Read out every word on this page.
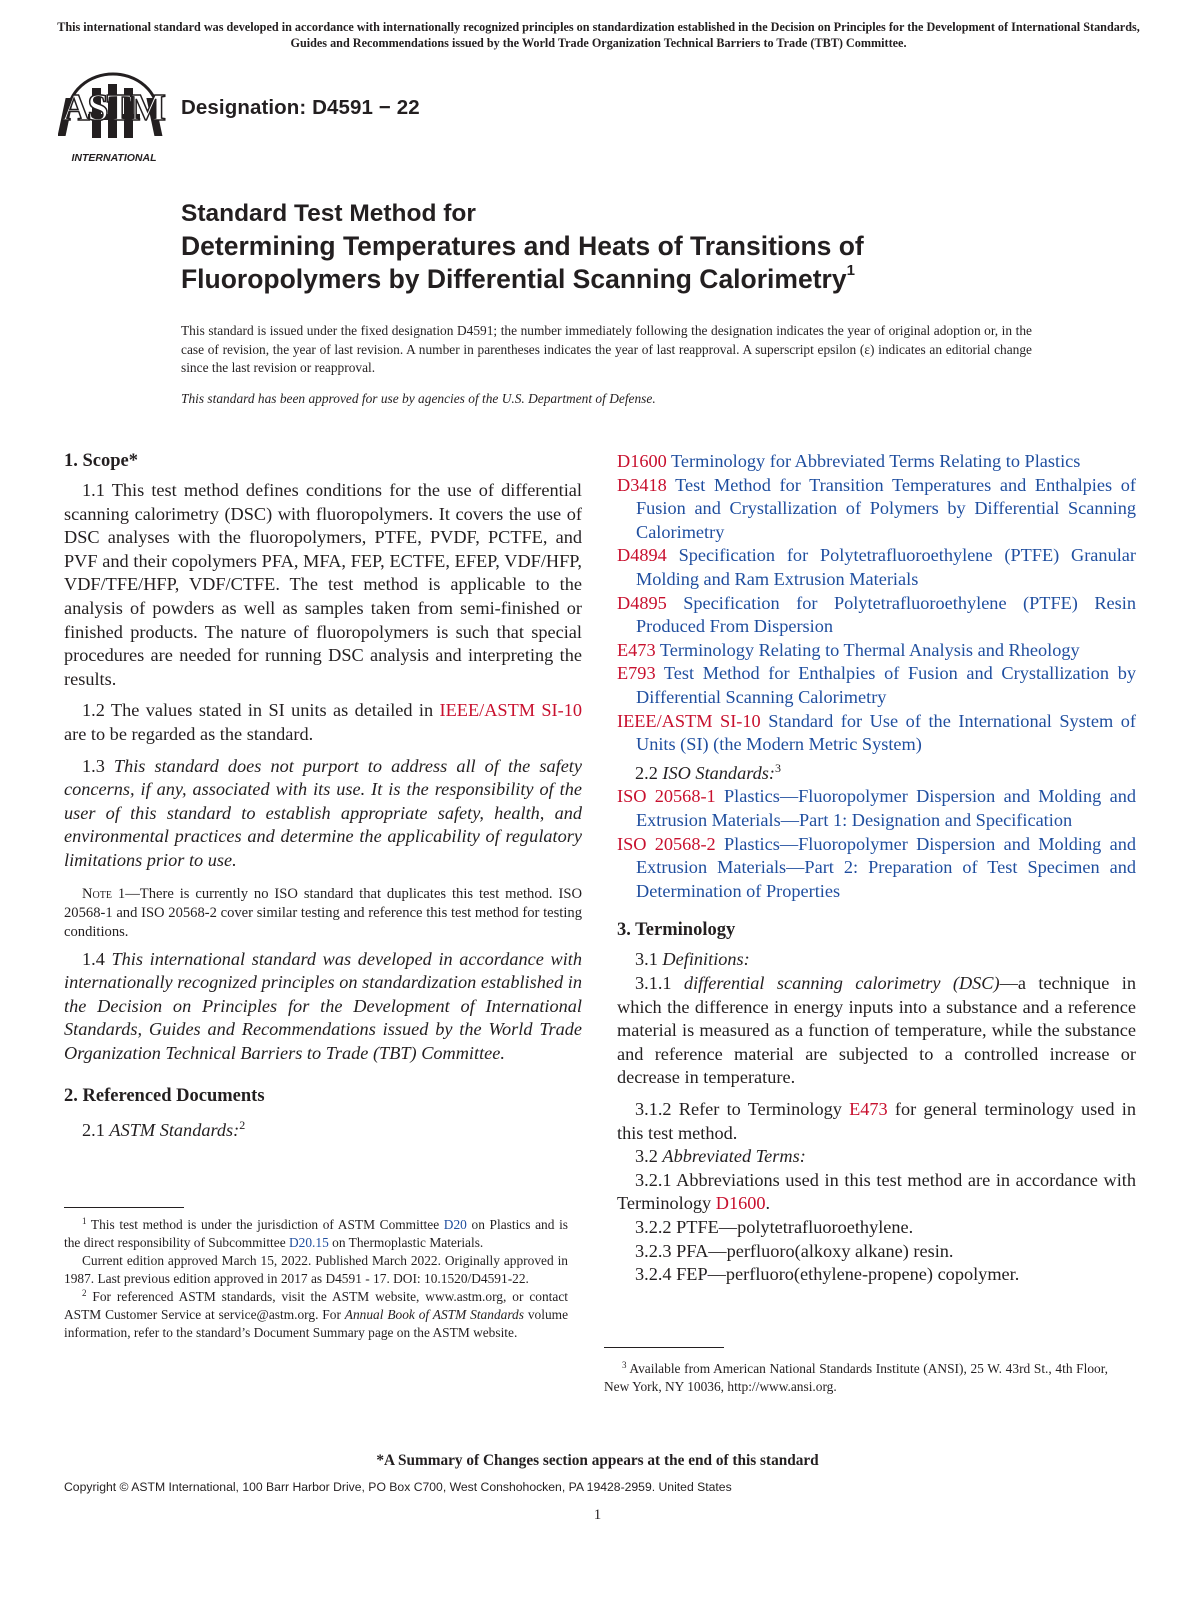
This international standard was developed in accordance with internationally recognized principles on standardization established in the Decision on Principles for the Development of International Standards, Guides and Recommendations issued by the World Trade Organization Technical Barriers to Trade (TBT) Committee.
ASTM
INTERNATIONAL
Designation: D4591 − 22
Standard Test Method for
Determining Temperatures and Heats of Transitions of
Fluoropolymers by Differential Scanning Calorimetry$^1$
This standard is issued under the fixed designation D4591; the number immediately following the designation indicates the year of original adoption or, in the case of revision, the year of last revision. A number in parentheses indicates the year of last reapproval. A superscript epsilon (ε) indicates an editorial change since the last revision or reapproval.
This standard has been approved for use by agencies of the U.S. Department of Defense.
1. Scope*

1.1 This test method defines conditions for the use of differential scanning calorimetry (DSC) with fluoropolymers. It covers the use of DSC analyses with the fluoropolymers, PTFE, PVDF, PCTFE, and PVF and their copolymers PFA, MFA, FEP, ECTFE, EFEP, VDF/HFP, VDF/TFE/HFP, VDF/CTFE. The test method is applicable to the analysis of powders as well as samples taken from semi-finished or finished products. The nature of fluoropolymers is such that special procedures are needed for running DSC analysis and interpreting the results.

1.2 The values stated in SI units as detailed in IEEE/ASTM SI-10 are to be regarded as the standard.

1.3 This standard does not purport to address all of the safety concerns, if any, associated with its use. It is the responsibility of the user of this standard to establish appropriate safety, health, and environmental practices and determine the applicability of regulatory limitations prior to use.

Note 1—There is currently no ISO standard that duplicates this test method. ISO 20568-1 and ISO 20568-2 cover similar testing and reference this test method for testing conditions.

1.4 This international standard was developed in accordance with internationally recognized principles on standardization established in the Decision on Principles for the Development of International Standards, Guides and Recommendations issued by the World Trade Organization Technical Barriers to Trade (TBT) Committee.

2. Referenced Documents

2.1 ASTM Standards:$^2$

D1600 Terminology for Abbreviated Terms Relating to Plastics

D3418 Test Method for Transition Temperatures and Enthalpies of Fusion and Crystallization of Polymers by Differential Scanning Calorimetry

D4894 Specification for Polytetrafluoroethylene (PTFE) Granular Molding and Ram Extrusion Materials

D4895 Specification for Polytetrafluoroethylene (PTFE) Resin Produced From Dispersion

E473 Terminology Relating to Thermal Analysis and Rheology

E793 Test Method for Enthalpies of Fusion and Crystallization by Differential Scanning Calorimetry

IEEE/ASTM SI-10 Standard for Use of the International System of Units (SI) (the Modern Metric System)

2.2 ISO Standards:$^3$

ISO 20568-1 Plastics—Fluoropolymer Dispersion and Molding and Extrusion Materials—Part 1: Designation and Specification

ISO 20568-2 Plastics—Fluoropolymer Dispersion and Molding and Extrusion Materials—Part 2: Preparation of Test Specimen and Determination of Properties

3. Terminology

3.1 Definitions:

3.1.1 differential scanning calorimetry (DSC)—a technique in which the difference in energy inputs into a substance and a reference material is measured as a function of temperature, while the substance and reference material are subjected to a controlled increase or decrease in temperature.

3.1.2 Refer to Terminology E473 for general terminology used in this test method.

3.2 Abbreviated Terms:

3.2.1 Abbreviations used in this test method are in accordance with Terminology D1600.

3.2.2 PTFE—polytetrafluoroethylene.

3.2.3 PFA—perfluoro(alkoxy alkane) resin.

3.2.4 FEP—perfluoro(ethylene-propene) copolymer.

$^1$ This test method is under the jurisdiction of ASTM Committee D20 on Plastics and is the direct responsibility of Subcommittee D20.15 on Thermoplastic Materials.

Current edition approved March 15, 2022. Published March 2022. Originally approved in 1987. Last previous edition approved in 2017 as D4591 - 17. DOI: 10.1520/D4591-22.

$^2$ For referenced ASTM standards, visit the ASTM website, www.astm.org, or contact ASTM Customer Service at service@astm.org. For Annual Book of ASTM Standards volume information, refer to the standard’s Document Summary page on the ASTM website.

$^3$ Available from American National Standards Institute (ANSI), 25 W. 43rd St., 4th Floor, New York, NY 10036, http://www.ansi.org.

*A Summary of Changes section appears at the end of this standard
Copyright © ASTM International, 100 Barr Harbor Drive, PO Box C700, West Conshohocken, PA 19428-2959. United States
1
